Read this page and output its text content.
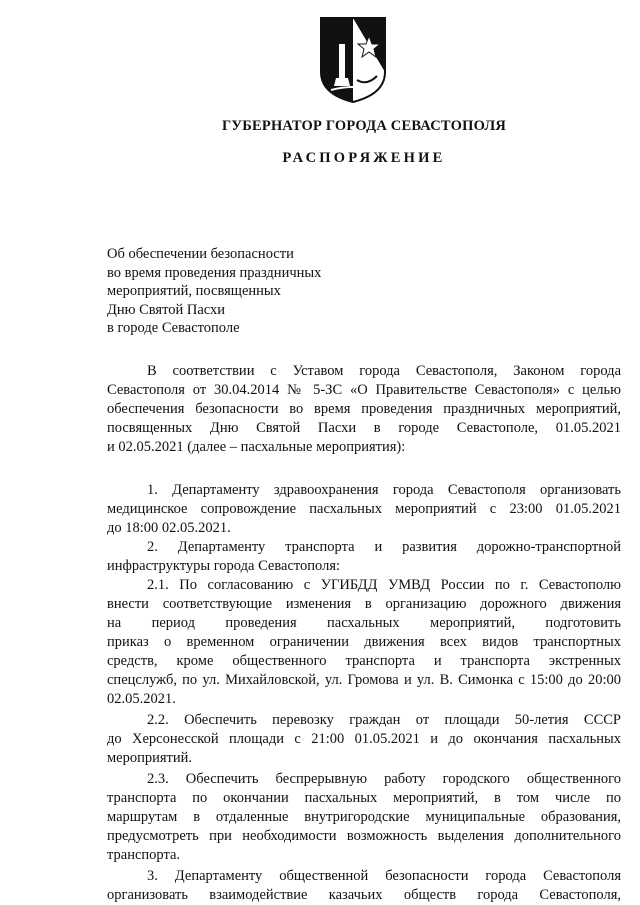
ГУБЕРНАТОР ГОРОДА СЕВАСТОПОЛЯ
РАСПОРЯЖЕНИЕ
Об обеспечении безопасности
во время проведения праздничных
мероприятий, посвященных
Дню Святой Пасхи
в городе Севастополе
В соответствии с Уставом города Севастополя, Законом города
Севастополя от 30.04.2014 № 5-ЗС «О Правительстве Севастополя» с целью
обеспечения безопасности во время проведения праздничных мероприятий,
посвященных Дню Святой Пасхи в городе Севастополе, 01.05.2021
и 02.05.2021 (далее – пасхальные мероприятия):
1. Департаменту здравоохранения города Севастополя организовать
медицинское сопровождение пасхальных мероприятий с 23:00 01.05.2021
до 18:00 02.05.2021.
2. Департаменту транспорта и развития дорожно-транспортной
инфраструктуры города Севастополя:
2.1. По согласованию с УГИБДД УМВД России по г. Севастополю
внести соответствующие изменения в организацию дорожного движения
на период проведения пасхальных мероприятий, подготовить
приказ о временном ограничении движения всех видов транспортных
средств, кроме общественного транспорта и транспорта экстренных
спецслужб, по ул. Михайловской, ул. Громова и ул. В. Симонка с 15:00 до 20:00
02.05.2021.
2.2. Обеспечить перевозку граждан от площади 50-летия СССР
до Херсонесской площади с 21:00 01.05.2021 и до окончания пасхальных
мероприятий.
2.3. Обеспечить беспрерывную работу городского общественного
транспорта по окончании пасхальных мероприятий, в том числе по
маршрутам в отдаленные внутригородские муниципальные образования,
предусмотреть при необходимости возможность выделения дополнительного
транспорта.
3. Департаменту общественной безопасности города Севастополя
организовать взаимодействие казачьих обществ города Севастополя,
